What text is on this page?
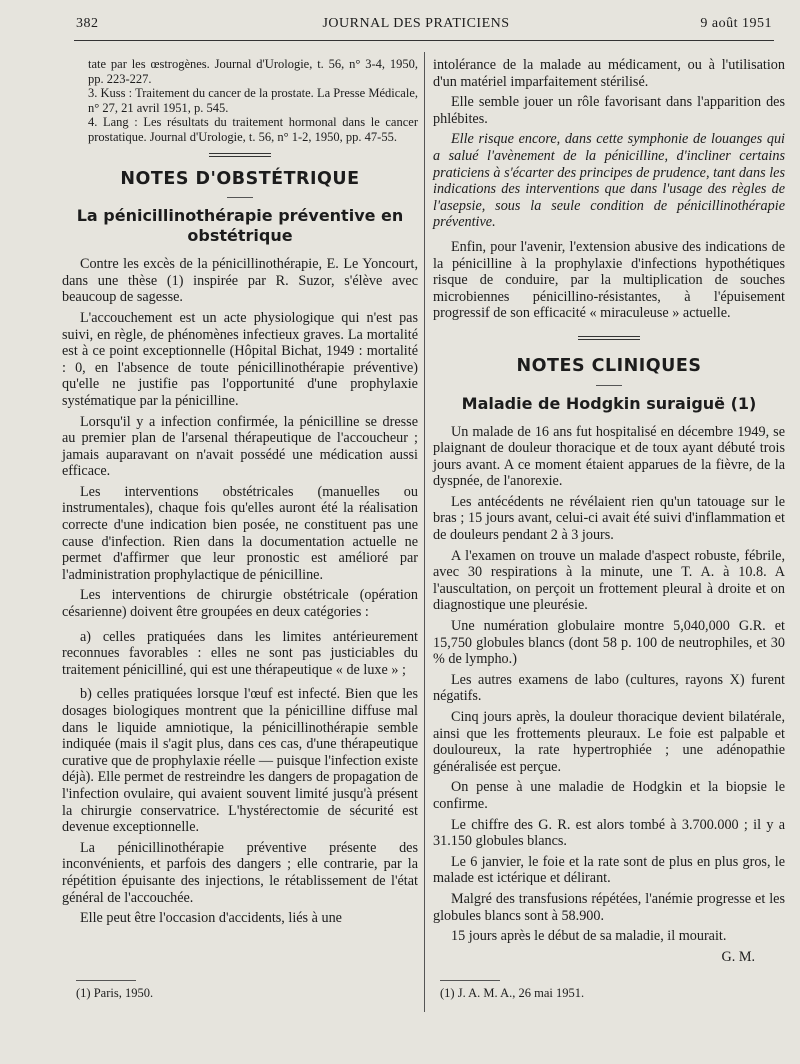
382	JOURNAL DES PRATICIENS	9 août 1951
tate par les œstrogènes. Journal d'Urologie, t. 56, n° 3-4, 1950, pp. 223-227.
3. Kuss : Traitement du cancer de la prostate. La Presse Médicale, n° 27, 21 avril 1951, p. 545.
4. Lang : Les résultats du traitement hormonal dans le cancer prostatique. Journal d'Urologie, t. 56, n° 1-2, 1950, pp. 47-55.
NOTES D'OBSTÉTRIQUE
La pénicillinothérapie préventive en obstétrique

Contre les excès de la pénicillinothérapie, E. Le Yoncourt, dans une thèse (1) inspirée par R. Suzor, s'élève avec beaucoup de sagesse.

L'accouchement est un acte physiologique qui n'est pas suivi, en règle, de phénomènes infectieux graves. La mortalité est à ce point exceptionnelle (Hôpital Bichat, 1949 : mortalité : 0, en l'absence de toute pénicillinothérapie préventive) qu'elle ne justifie pas l'opportunité d'une prophylaxie systématique par la pénicilline.

Lorsqu'il y a infection confirmée, la pénicilline se dresse au premier plan de l'arsenal thérapeutique de l'accoucheur ; jamais auparavant on n'avait possédé une médication aussi efficace.

Les interventions obstétricales (manuelles ou instrumentales), chaque fois qu'elles auront été la réalisation correcte d'une indication bien posée, ne constituent pas une cause d'infection. Rien dans la documentation actuelle ne permet d'affirmer que leur pronostic est amélioré par l'administration prophylactique de pénicilline.

Les interventions de chirurgie obstétricale (opération césarienne) doivent être groupées en deux catégories :

a) celles pratiquées dans les limites antérieurement reconnues favorables : elles ne sont pas justiciables du traitement pénicilliné, qui est une thérapeutique « de luxe » ;

b) celles pratiquées lorsque l'œuf est infecté. Bien que les dosages biologiques montrent que la pénicilline diffuse mal dans le liquide amniotique, la pénicillinothérapie semble indiquée (mais il s'agit plus, dans ces cas, d'une thérapeutique curative que de prophylaxie réelle — puisque l'infection existe déjà). Elle permet de restreindre les dangers de propagation de l'infection ovulaire, qui avaient souvent limité jusqu'à présent la chirurgie conservatrice. L'hystérectomie de sécurité est devenue exceptionnelle.

La pénicillinothérapie préventive présente des inconvénients, et parfois des dangers ; elle contrarie, par la répétition épuisante des injections, le rétablissement de l'état général de l'accouchée.

Elle peut être l'occasion d'accidents, liés à une

intolérance de la malade au médicament, ou à l'utilisation d'un matériel imparfaitement stérilisé.

Elle semble jouer un rôle favorisant dans l'apparition des phlébites.

Elle risque encore, dans cette symphonie de louanges qui a salué l'avènement de la pénicilline, d'incliner certains praticiens à s'écarter des principes de prudence, tant dans les indications des interventions que dans l'usage des règles de l'asepsie, sous la seule condition de pénicillinothérapie préventive.

Enfin, pour l'avenir, l'extension abusive des indications de la pénicilline à la prophylaxie d'infections hypothétiques risque de conduire, par la multiplication de souches microbiennes pénicillino-résistantes, à l'épuisement progressif de son efficacité « miraculeuse » actuelle.

NOTES CLINIQUES
Maladie de Hodgkin suraiguë (1)

Un malade de 16 ans fut hospitalisé en décembre 1949, se plaignant de douleur thoracique et de toux ayant débuté trois jours avant. A ce moment étaient apparues de la fièvre, de la dyspnée, de l'anorexie.

Les antécédents ne révélaient rien qu'un tatouage sur le bras ; 15 jours avant, celui-ci avait été suivi d'inflammation et de douleurs pendant 2 à 3 jours.

A l'examen on trouve un malade d'aspect robuste, fébrile, avec 30 respirations à la minute, une T. A. à 10.8. A l'auscultation, on perçoit un frottement pleural à droite et on diagnostique une pleurésie.

Une numération globulaire montre 5,040,000 G.R. et 15,750 globules blancs (dont 58 p. 100 de neutrophiles, et 30 % de lympho.)

Les autres examens de labo (cultures, rayons X) furent négatifs.

Cinq jours après, la douleur thoracique devient bilatérale, ainsi que les frottements pleuraux. Le foie est palpable et douloureux, la rate hypertrophiée ; une adénopathie généralisée est perçue.

On pense à une maladie de Hodgkin et la biopsie le confirme.

Le chiffre des G. R. est alors tombé à 3.700.000 ; il y a 31.150 globules blancs.

Le 6 janvier, le foie et la rate sont de plus en plus gros, le malade est ictérique et délirant.

Malgré des transfusions répétées, l'anémie progresse et les globules blancs sont à 58.900.

15 jours après le début de sa maladie, il mourait.

G. M.
(1) Paris, 1950.	(1) J. A. M. A., 26 mai 1951.
